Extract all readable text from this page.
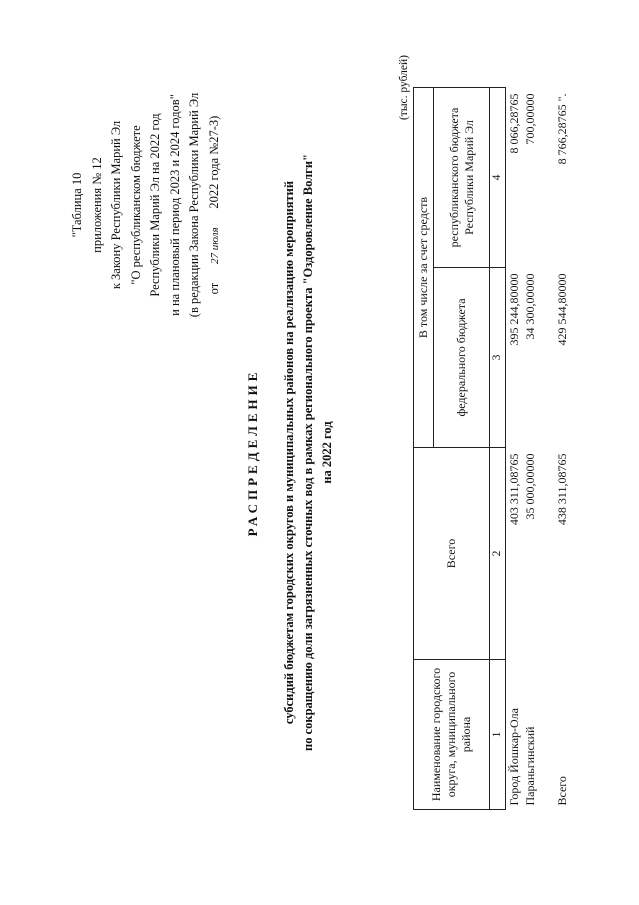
"Таблица 10 приложения № 12 к Закону Республики Марий Эл "О республиканском бюджете Республики Марий Эл на 2022 год и на плановый период 2023 и 2024 годов" (в редакции Закона Республики Марий Эл от      27 июля      2022 года №27-З)
РАСПРЕДЕЛЕНИЕ субсидий бюджетам городских округов и муниципальных районов на реализацию мероприятий по сокращению доли загрязненных сточных вод в рамках регионального проекта "Оздоровление Волги" на 2022 год
(тыс. рублей)
Наименование городского округа, муниципального района	Всего	В том числе за счет средств	
		федерального бюджета	республиканского бюджета Республики Марий Эл
1	2	3	4
Город Йошкар-Ола	403 311,08765	395 244,80000	8 066,28765
Параньгинский	35 000,00000	34 300,00000	700,00000

Всего	438 311,08765	429 544,80000	8 766,28765 ".
